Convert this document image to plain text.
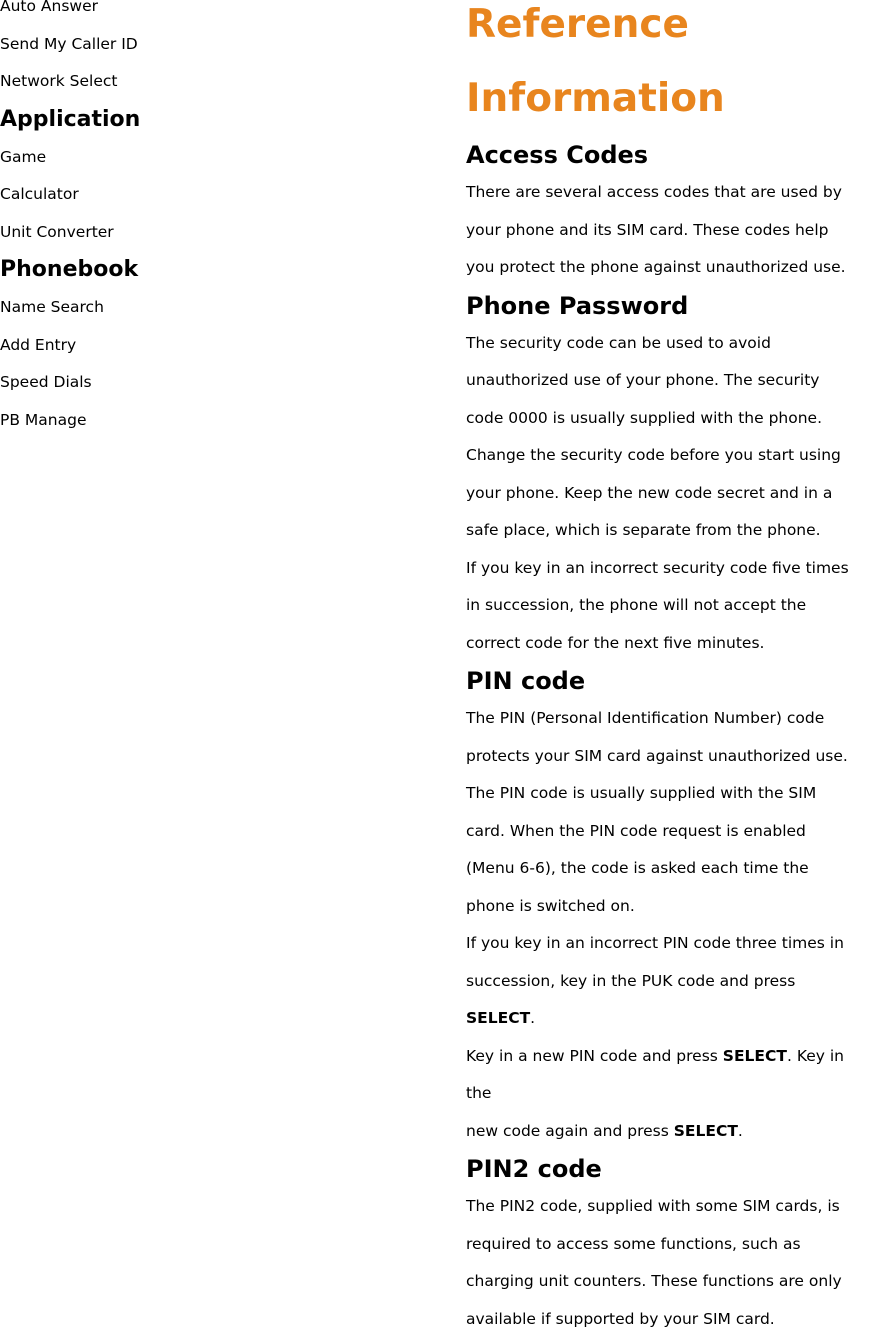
Auto Answer
Send My Caller ID
Network Select
Application
Game
Calculator
Unit Converter
Phonebook
Name Search
Add Entry
Speed Dials
PB Manage
Reference
Information
Access Codes
There are several access codes that are used by
your phone and its SIM card. These codes help
you protect the phone against unauthorized use.
Phone Password
The security code can be used to avoid
unauthorized use of your phone. The security
code 0000 is usually supplied with the phone.
Change the security code before you start using
your phone. Keep the new code secret and in a
safe place, which is separate from the phone.
If you key in an incorrect security code five times
in succession, the phone will not accept the
correct code for the next five minutes.
PIN code
The PIN (Personal Identification Number) code
protects your SIM card against unauthorized use.
The PIN code is usually supplied with the SIM
card. When the PIN code request is enabled
(Menu 6-6), the code is asked each time the
phone is switched on.
If you key in an incorrect PIN code three times in
succession, key in the PUK code and press
SELECT.
Key in a new PIN code and press SELECT. Key in
the
new code again and press SELECT.
PIN2 code
The PIN2 code, supplied with some SIM cards, is
required to access some functions, such as
charging unit counters. These functions are only
available if supported by your SIM card.
